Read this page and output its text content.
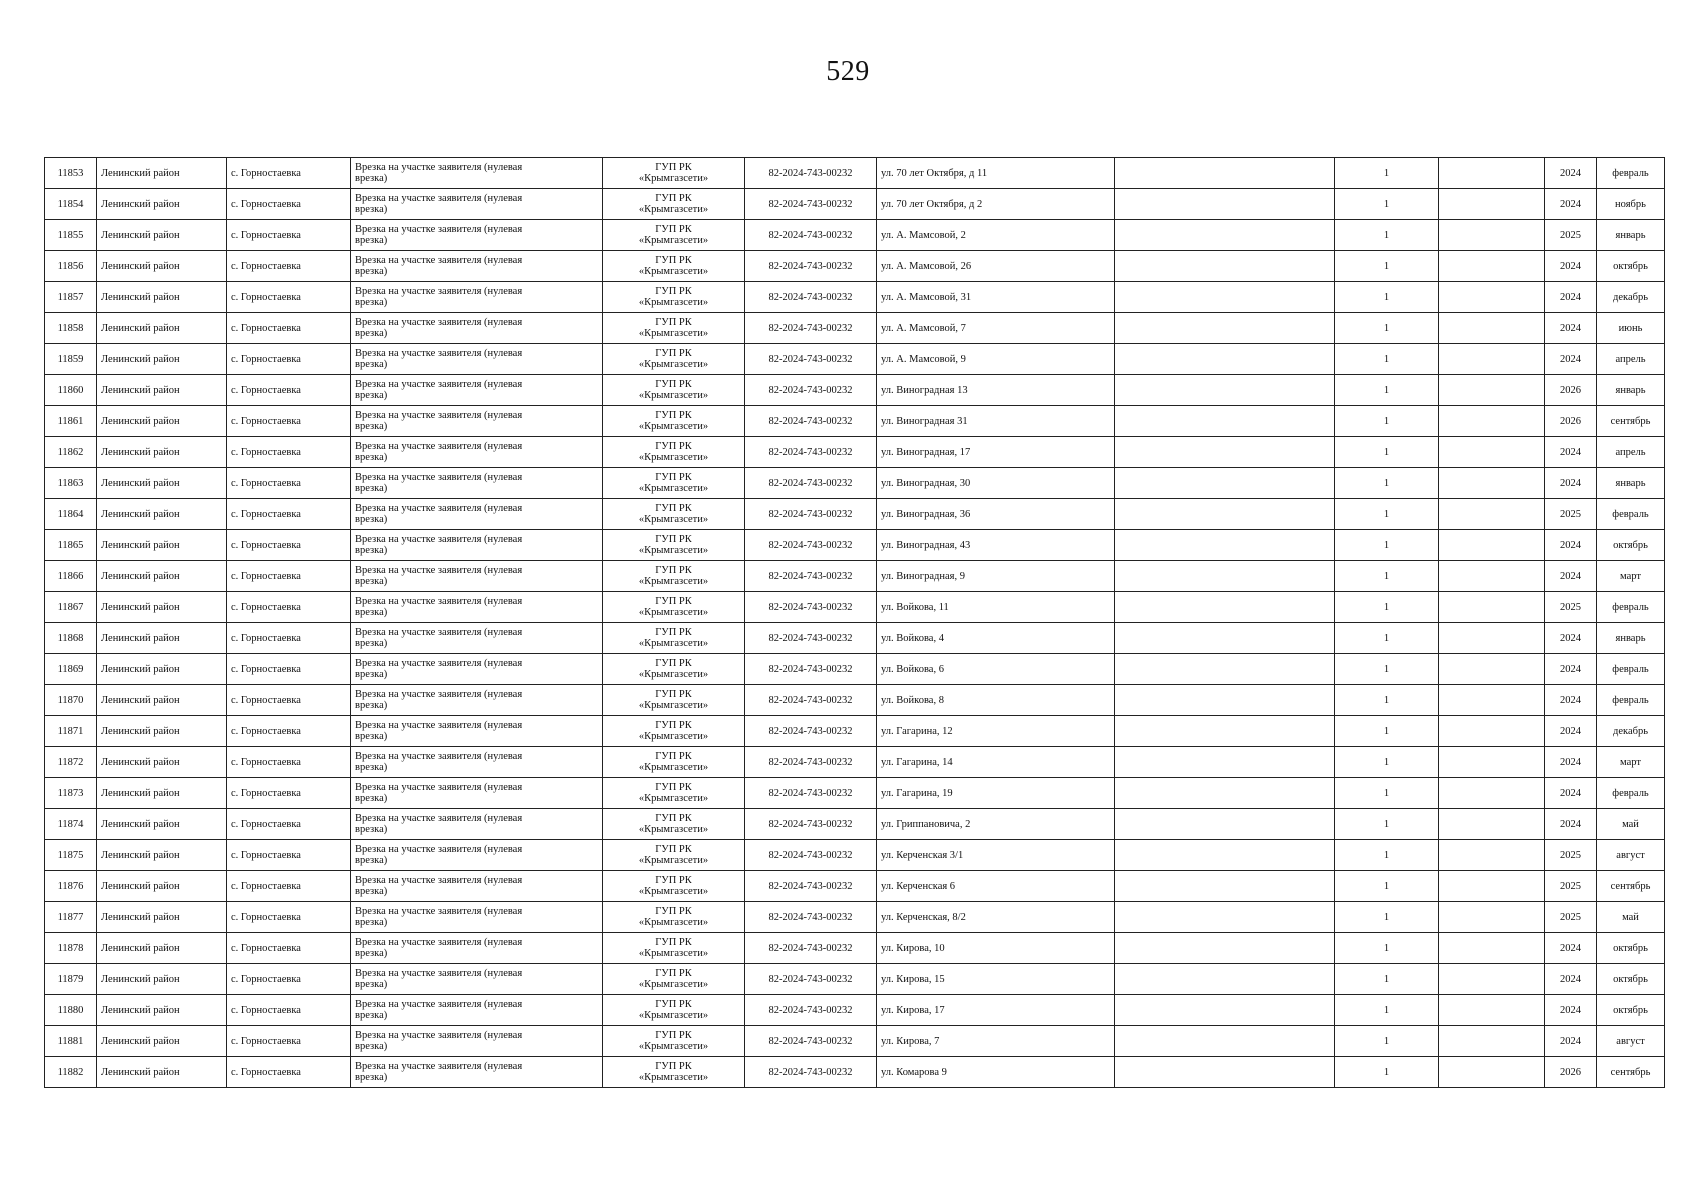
529
11853	Ленинский район	с. Горностаевка	Врезка на участке заявителя (нулевая
врезка)	ГУП РК
«Крымгазсети»	82-2024-743-00232	ул. 70 лет Октября, д 11		1		2024	февраль
11854	Ленинский район	с. Горностаевка	Врезка на участке заявителя (нулевая
врезка)	ГУП РК
«Крымгазсети»	82-2024-743-00232	ул. 70 лет Октября, д 2		1		2024	ноябрь
11855	Ленинский район	с. Горностаевка	Врезка на участке заявителя (нулевая
врезка)	ГУП РК
«Крымгазсети»	82-2024-743-00232	ул. А. Мамсовой, 2		1		2025	январь
11856	Ленинский район	с. Горностаевка	Врезка на участке заявителя (нулевая
врезка)	ГУП РК
«Крымгазсети»	82-2024-743-00232	ул. А. Мамсовой, 26		1		2024	октябрь
11857	Ленинский район	с. Горностаевка	Врезка на участке заявителя (нулевая
врезка)	ГУП РК
«Крымгазсети»	82-2024-743-00232	ул. А. Мамсовой, 31		1		2024	декабрь
11858	Ленинский район	с. Горностаевка	Врезка на участке заявителя (нулевая
врезка)	ГУП РК
«Крымгазсети»	82-2024-743-00232	ул. А. Мамсовой, 7		1		2024	июнь
11859	Ленинский район	с. Горностаевка	Врезка на участке заявителя (нулевая
врезка)	ГУП РК
«Крымгазсети»	82-2024-743-00232	ул. А. Мамсовой, 9		1		2024	апрель
11860	Ленинский район	с. Горностаевка	Врезка на участке заявителя (нулевая
врезка)	ГУП РК
«Крымгазсети»	82-2024-743-00232	ул. Виноградная 13		1		2026	январь
11861	Ленинский район	с. Горностаевка	Врезка на участке заявителя (нулевая
врезка)	ГУП РК
«Крымгазсети»	82-2024-743-00232	ул. Виноградная 31		1		2026	сентябрь
11862	Ленинский район	с. Горностаевка	Врезка на участке заявителя (нулевая
врезка)	ГУП РК
«Крымгазсети»	82-2024-743-00232	ул. Виноградная, 17		1		2024	апрель
11863	Ленинский район	с. Горностаевка	Врезка на участке заявителя (нулевая
врезка)	ГУП РК
«Крымгазсети»	82-2024-743-00232	ул. Виноградная, 30		1		2024	январь
11864	Ленинский район	с. Горностаевка	Врезка на участке заявителя (нулевая
врезка)	ГУП РК
«Крымгазсети»	82-2024-743-00232	ул. Виноградная, 36		1		2025	февраль
11865	Ленинский район	с. Горностаевка	Врезка на участке заявителя (нулевая
врезка)	ГУП РК
«Крымгазсети»	82-2024-743-00232	ул. Виноградная, 43		1		2024	октябрь
11866	Ленинский район	с. Горностаевка	Врезка на участке заявителя (нулевая
врезка)	ГУП РК
«Крымгазсети»	82-2024-743-00232	ул. Виноградная, 9		1		2024	март
11867	Ленинский район	с. Горностаевка	Врезка на участке заявителя (нулевая
врезка)	ГУП РК
«Крымгазсети»	82-2024-743-00232	ул. Войкова, 11		1		2025	февраль
11868	Ленинский район	с. Горностаевка	Врезка на участке заявителя (нулевая
врезка)	ГУП РК
«Крымгазсети»	82-2024-743-00232	ул. Войкова, 4		1		2024	январь
11869	Ленинский район	с. Горностаевка	Врезка на участке заявителя (нулевая
врезка)	ГУП РК
«Крымгазсети»	82-2024-743-00232	ул. Войкова, 6		1		2024	февраль
11870	Ленинский район	с. Горностаевка	Врезка на участке заявителя (нулевая
врезка)	ГУП РК
«Крымгазсети»	82-2024-743-00232	ул. Войкова, 8		1		2024	февраль
11871	Ленинский район	с. Горностаевка	Врезка на участке заявителя (нулевая
врезка)	ГУП РК
«Крымгазсети»	82-2024-743-00232	ул. Гагарина, 12		1		2024	декабрь
11872	Ленинский район	с. Горностаевка	Врезка на участке заявителя (нулевая
врезка)	ГУП РК
«Крымгазсети»	82-2024-743-00232	ул. Гагарина, 14		1		2024	март
11873	Ленинский район	с. Горностаевка	Врезка на участке заявителя (нулевая
врезка)	ГУП РК
«Крымгазсети»	82-2024-743-00232	ул. Гагарина, 19		1		2024	февраль
11874	Ленинский район	с. Горностаевка	Врезка на участке заявителя (нулевая
врезка)	ГУП РК
«Крымгазсети»	82-2024-743-00232	ул. Гриппановича, 2		1		2024	май
11875	Ленинский район	с. Горностаевка	Врезка на участке заявителя (нулевая
врезка)	ГУП РК
«Крымгазсети»	82-2024-743-00232	ул. Керченская 3/1		1		2025	август
11876	Ленинский район	с. Горностаевка	Врезка на участке заявителя (нулевая
врезка)	ГУП РК
«Крымгазсети»	82-2024-743-00232	ул. Керченская 6		1		2025	сентябрь
11877	Ленинский район	с. Горностаевка	Врезка на участке заявителя (нулевая
врезка)	ГУП РК
«Крымгазсети»	82-2024-743-00232	ул. Керченская, 8/2		1		2025	май
11878	Ленинский район	с. Горностаевка	Врезка на участке заявителя (нулевая
врезка)	ГУП РК
«Крымгазсети»	82-2024-743-00232	ул. Кирова, 10		1		2024	октябрь
11879	Ленинский район	с. Горностаевка	Врезка на участке заявителя (нулевая
врезка)	ГУП РК
«Крымгазсети»	82-2024-743-00232	ул. Кирова, 15		1		2024	октябрь
11880	Ленинский район	с. Горностаевка	Врезка на участке заявителя (нулевая
врезка)	ГУП РК
«Крымгазсети»	82-2024-743-00232	ул. Кирова, 17		1		2024	октябрь
11881	Ленинский район	с. Горностаевка	Врезка на участке заявителя (нулевая
врезка)	ГУП РК
«Крымгазсети»	82-2024-743-00232	ул. Кирова, 7		1		2024	август
11882	Ленинский район	с. Горностаевка	Врезка на участке заявителя (нулевая
врезка)	ГУП РК
«Крымгазсети»	82-2024-743-00232	ул. Комарова 9		1		2026	сентябрь
